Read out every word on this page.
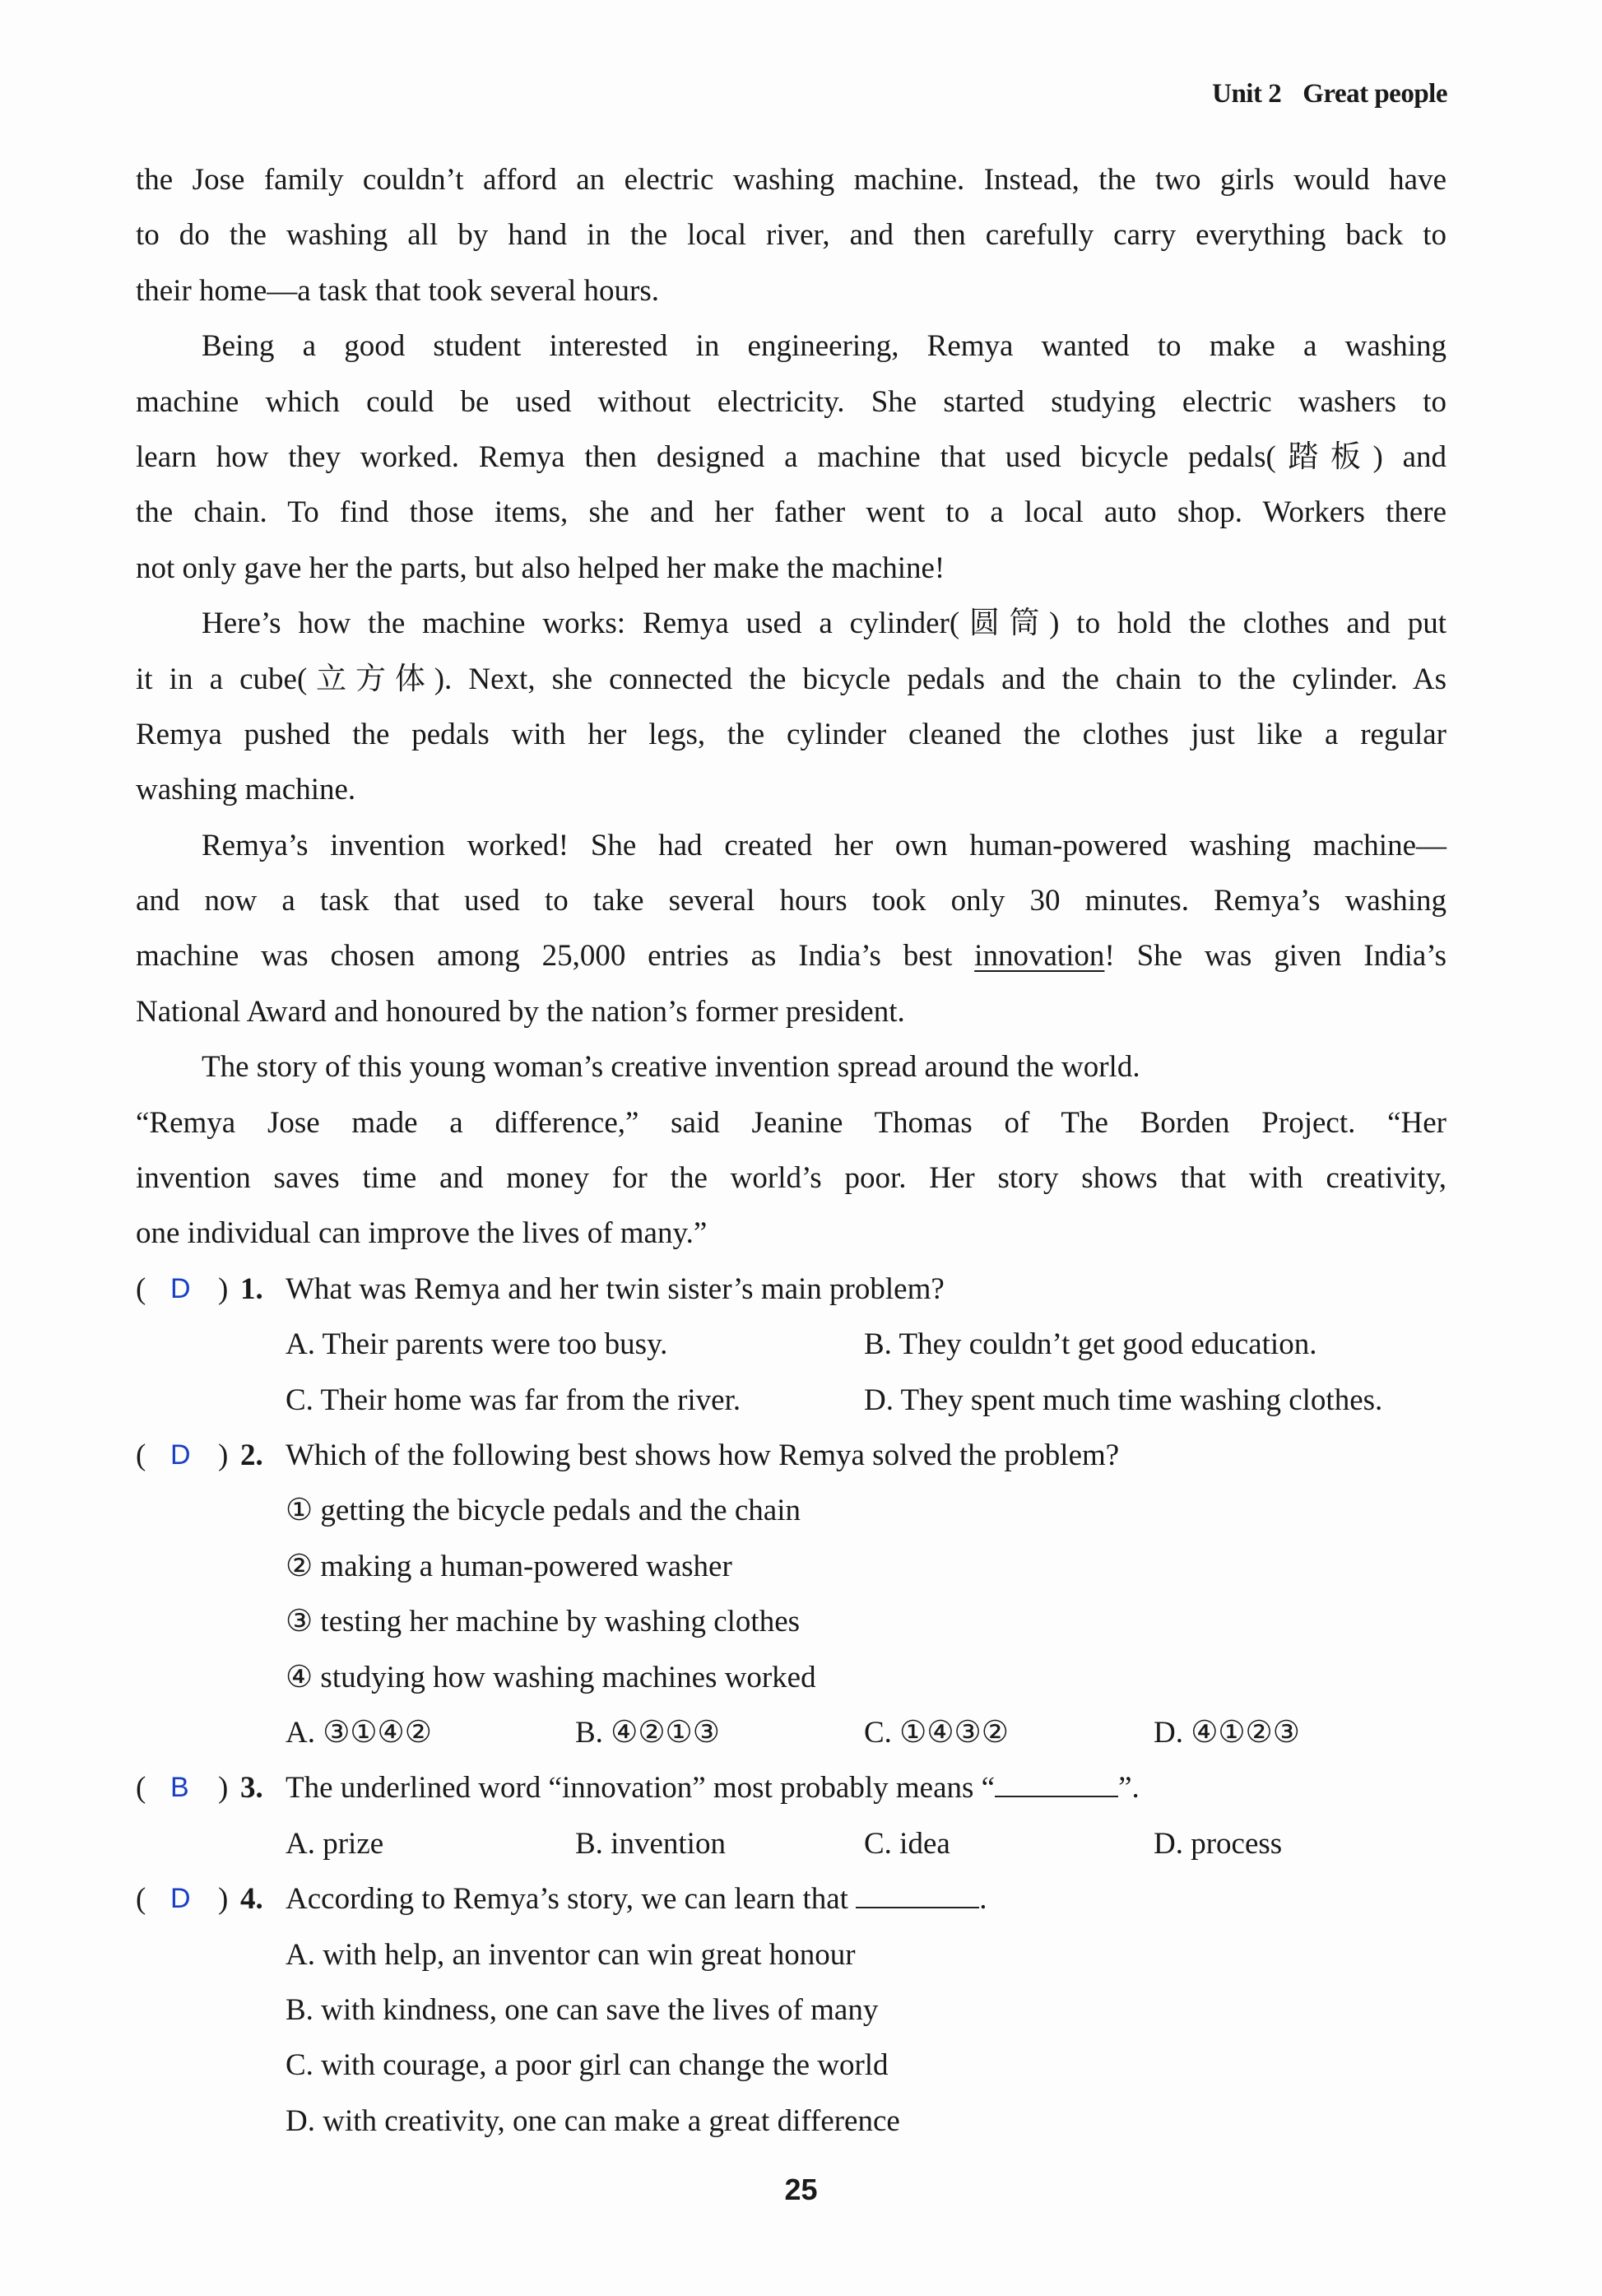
Unit 2 Great people
the Jose family couldn’t afford an electric washing machine. Instead, the two girls would have
to do the washing all by hand in the local river, and then carefully carry everything back to
their home—a task that took several hours.
Being a good student interested in engineering, Remya wanted to make a washing
machine which could be used without electricity. She started studying electric washers to
learn how they worked. Remya then designed a machine that used bicycle pedals(踏板) and
the chain. To find those items, she and her father went to a local auto shop. Workers there
not only gave her the parts, but also helped her make the machine!
Here’s how the machine works: Remya used a cylinder(圆筒) to hold the clothes and put
it in a cube(立方体). Next, she connected the bicycle pedals and the chain to the cylinder. As
Remya pushed the pedals with her legs, the cylinder cleaned the clothes just like a regular
washing machine.
Remya’s invention worked! She had created her own human-powered washing machine—
and now a task that used to take several hours took only 30 minutes. Remya’s washing
machine was chosen among 25,000 entries as India’s best innovation! She was given India’s
National Award and honoured by the nation’s former president.
The story of this young woman’s creative invention spread around the world.
“Remya Jose made a difference,” said Jeanine Thomas of The Borden Project. “Her
invention saves time and money for the world’s poor. Her story shows that with creativity,
one individual can improve the lives of many.”
( D ) 1. What was Remya and her twin sister’s main problem?
A. Their parents were too busy.	B. They couldn’t get good education.
C. Their home was far from the river.	D. They spent much time washing clothes.
( D ) 2. Which of the following best shows how Remya solved the problem?
① getting the bicycle pedals and the chain
② making a human-powered washer
③ testing her machine by washing clothes
④ studying how washing machines worked
A. ③①④②	B. ④②①③	C. ①④③②	D. ④①②③
( B ) 3. The underlined word “innovation” most probably means “	”.
A. prize	B. invention	C. idea	D. process
( D ) 4. According to Remya’s story, we can learn that	.
A. with help, an inventor can win great honour
B. with kindness, one can save the lives of many
C. with courage, a poor girl can change the world
D. with creativity, one can make a great difference
25
